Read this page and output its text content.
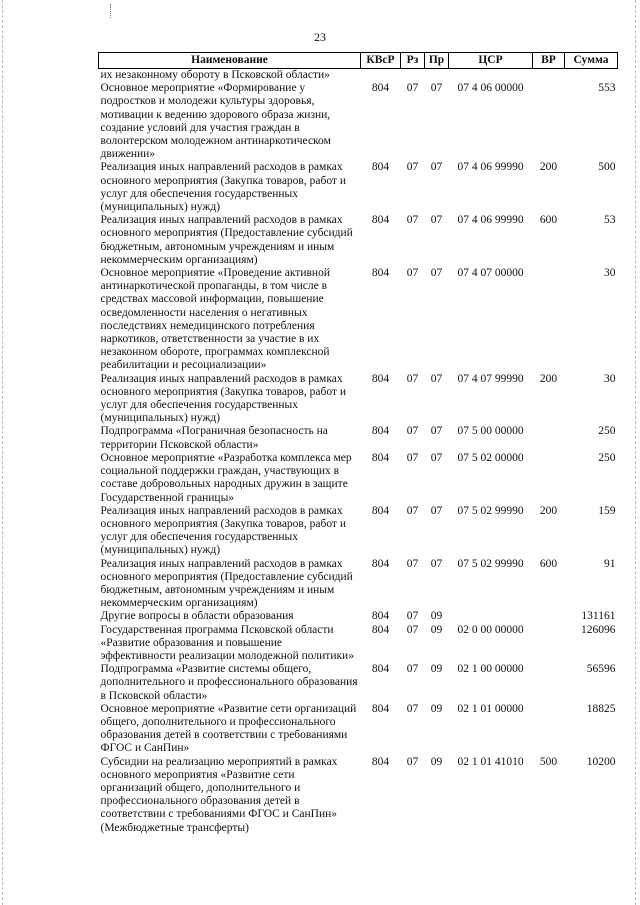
23
Наименование	КВсР	Рз	Пр	ЦСР	ВР	Сумма
их незаконному обороту в Псковской области»						
Основное мероприятие «Формирование у подростков и молодежи культуры здоровья, мотивации к ведению здорового образа жизни, создание условий для участия граждан в волонтерском молодежном антинаркотическом движении»	804	07	07	07 4 06 00000		553
Реализация иных направлений расходов в рамках основного мероприятия (Закупка товаров, работ и услуг для обеспечения государственных (муниципальных) нужд)	804	07	07	07 4 06 99990	200	500
Реализация иных направлений расходов в рамках основного мероприятия (Предоставление субсидий бюджетным, автономным учреждениям и иным некоммерческим организациям)	804	07	07	07 4 06 99990	600	53
Основное мероприятие «Проведение активной антинаркотической пропаганды, в том числе в средствах массовой информации, повышение осведомленности населения о негативных последствиях немедицинского потребления наркотиков, ответственности за участие в их незаконном обороте, программах комплексной реабилитации и ресоциализации»	804	07	07	07 4 07 00000		30
Реализация иных направлений расходов в рамках основного мероприятия (Закупка товаров, работ и услуг для обеспечения государственных (муниципальных) нужд)	804	07	07	07 4 07 99990	200	30
Подпрограмма «Пограничная безопасность на территории Псковской области»	804	07	07	07 5 00 00000		250
Основное мероприятие «Разработка комплекса мер социальной поддержки граждан, участвующих в составе добровольных народных дружин в защите Государственной границы»	804	07	07	07 5 02 00000		250
Реализация иных направлений расходов в рамках основного мероприятия (Закупка товаров, работ и услуг для обеспечения государственных (муниципальных) нужд)	804	07	07	07 5 02 99990	200	159
Реализация иных направлений расходов в рамках основного мероприятия (Предоставление субсидий бюджетным, автономным учреждениям и иным некоммерческим организациям)	804	07	07	07 5 02 99990	600	91
Другие вопросы в области образования	804	07	09			131161
Государственная программа Псковской области «Развитие образования и повышение эффективности реализации молодежной политики»	804	07	09	02 0 00 00000		126096
Подпрограмма «Развитие системы общего, дополнительного и профессионального образования в Псковской области»	804	07	09	02 1 00 00000		56596
Основное мероприятие «Развитие сети организаций общего, дополнительного и профессионального образования детей в соответствии с требованиями ФГОС и СанПин»	804	07	09	02 1 01 00000		18825
Субсидии на реализацию мероприятий в рамках основного мероприятия «Развитие сети организаций общего, дополнительного и профессионального образования детей в соответствии с требованиями ФГОС и СанПин» (Межбюджетные трансферты)	804	07	09	02 1 01 41010	500	10200
